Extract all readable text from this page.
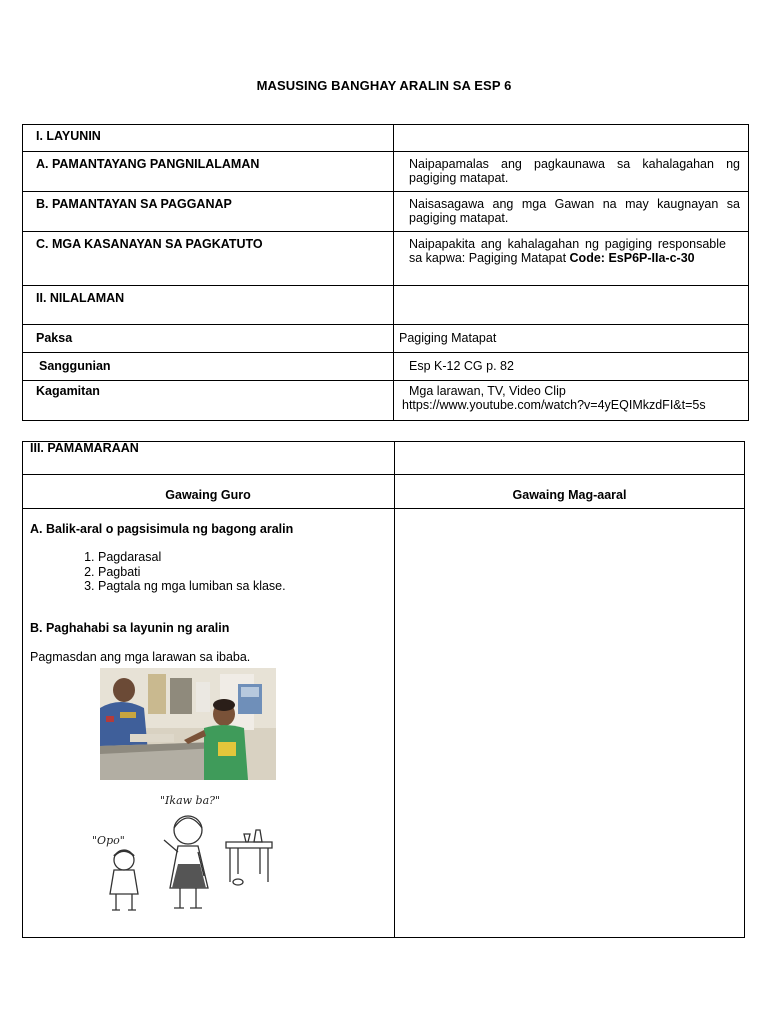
MASUSING BANGHAY ARALIN SA ESP 6
I. LAYUNIN
A. PAMANTAYANG PANGNILALAMAN	Naipapamalas ang pagkaunawa sa kahalagahan ng pagiging matapat.
B. PAMANTAYAN SA PAGGANAP	Naisasagawa ang mga Gawan na may kaugnayan sa pagiging matapat.
C. MGA KASANAYAN SA PAGKATUTO	Naipapakita ang kahalagahan ng pagiging responsable sa kapwa: Pagiging Matapat Code: EsP6P-IIa-c-30
II. NILALAMAN
Paksa	Pagiging Matapat
Sanggunian	Esp K-12 CG p. 82
Kagamitan	Mga larawan, TV, Video Clip
https://www.youtube.com/watch?v=4yEQIMkzdFI&t=5s
III. PAMAMARAAN
Gawaing Guro	Gawaing Mag-aaral
A. Balik-aral o pagsisimula ng bagong aralin
1. Pagdarasal
2. Pagbati
3. Pagtala ng mga lumiban sa klase.
B. Paghahabi sa layunin ng aralin
Pagmasdan ang mga larawan sa ibaba.
"Ikaw ba?"
"Opo"
